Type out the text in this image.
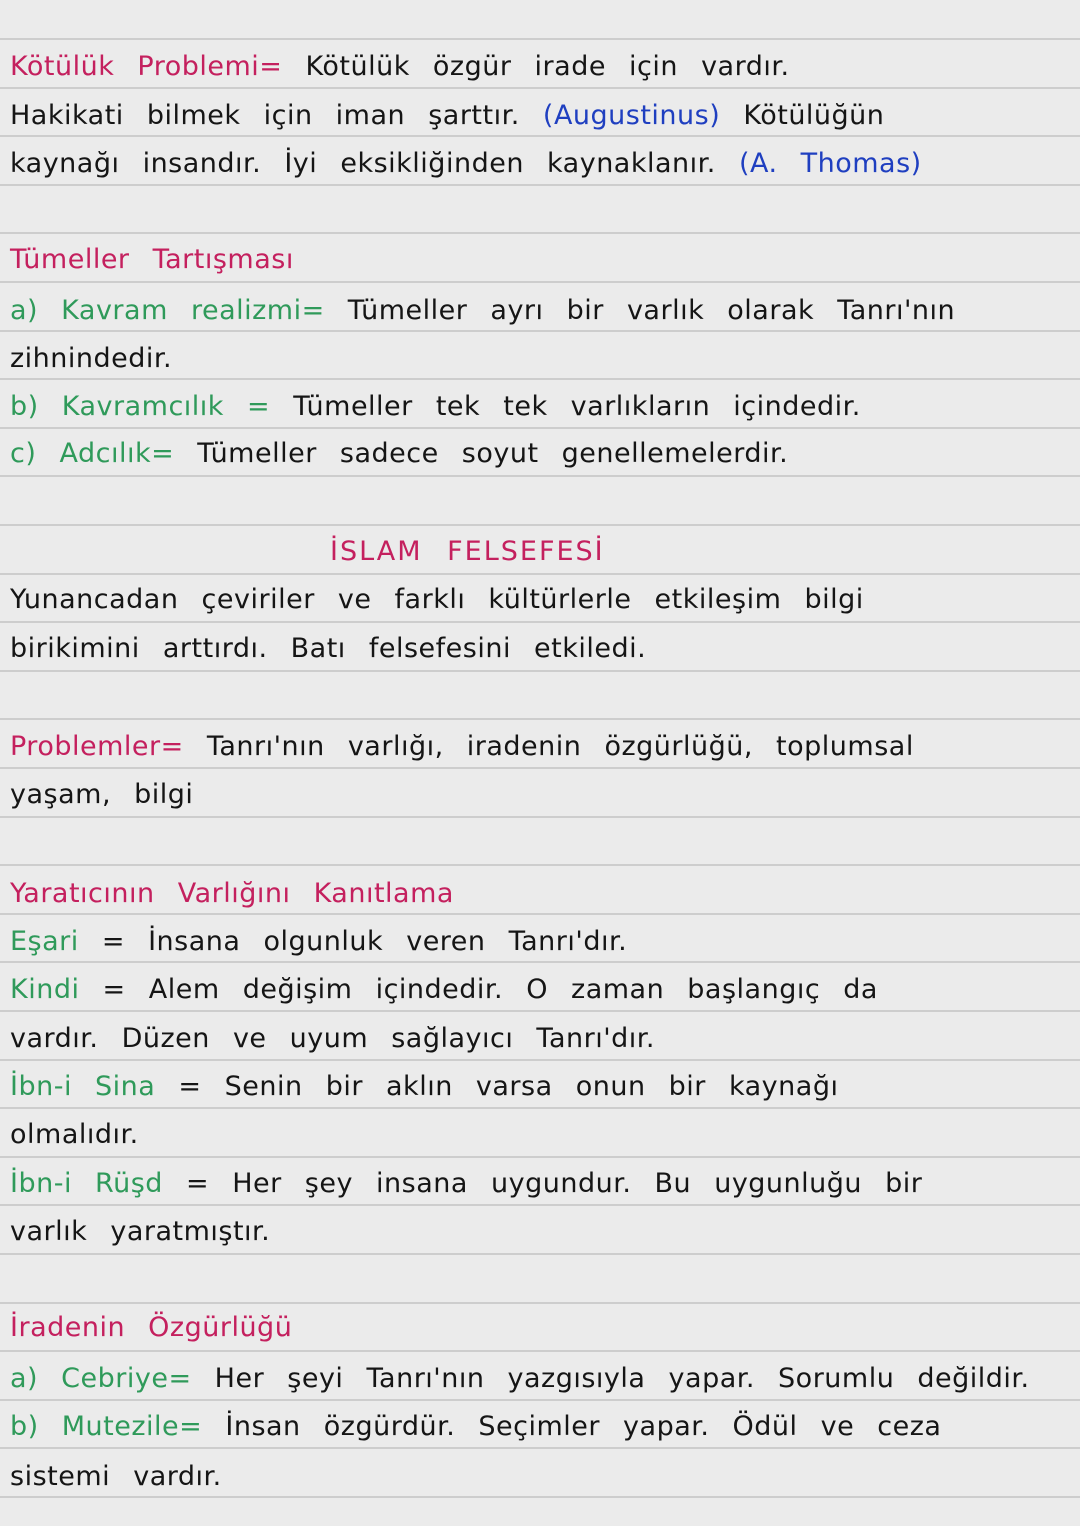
Kötülük Problemi= Kötülük özgür irade için vardır.
Hakikati bilmek için iman şarttır. (Augustinus) Kötülüğün
kaynağı insandır. İyi eksikliğinden kaynaklanır. (A. Thomas)
Tümeller Tartışması
a) Kavram realizmi= Tümeller ayrı bir varlık olarak Tanrı'nın
zihnindedir.
b) Kavramcılık = Tümeller tek tek varlıkların içindedir.
c) Adcılık= Tümeller sadece soyut genellemelerdir.
İSLAM FELSEFESİ
Yunancadan çeviriler ve farklı kültürlerle etkileşim bilgi
birikimini arttırdı. Batı felsefesini etkiledi.
Problemler= Tanrı'nın varlığı, iradenin özgürlüğü, toplumsal
yaşam, bilgi
Yaratıcının Varlığını Kanıtlama
Eşari = İnsana olgunluk veren Tanrı'dır.
Kindi = Alem değişim içindedir. O zaman başlangıç da
vardır. Düzen ve uyum sağlayıcı Tanrı'dır.
İbn-i Sina = Senin bir aklın varsa onun bir kaynağı
olmalıdır.
İbn-i Rüşd = Her şey insana uygundur. Bu uygunluğu bir
varlık yaratmıştır.
İradenin Özgürlüğü
a) Cebriye= Her şeyi Tanrı'nın yazgısıyla yapar. Sorumlu değildir.
b) Mutezile= İnsan özgürdür. Seçimler yapar. Ödül ve ceza
sistemi vardır.
